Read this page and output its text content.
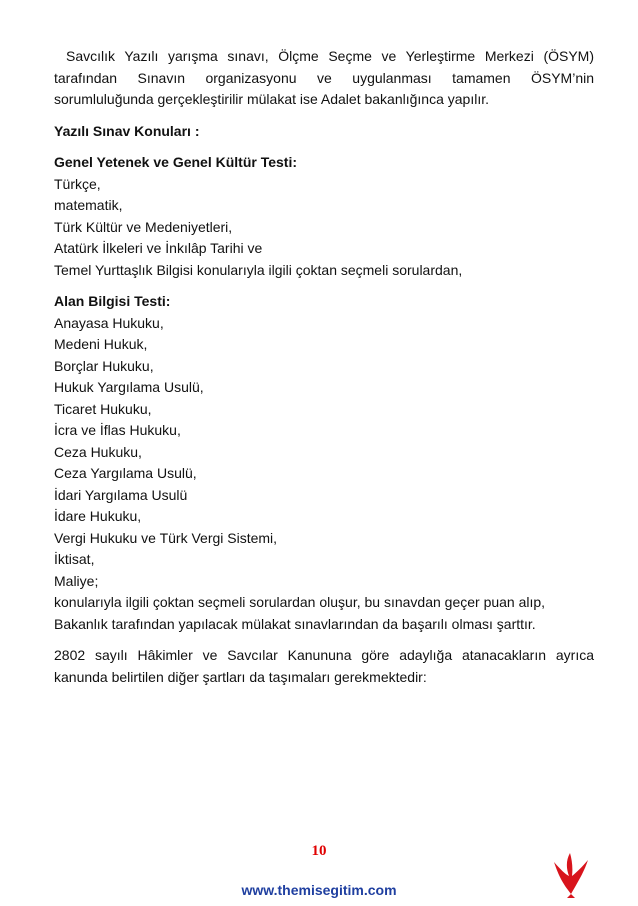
Savcılık Yazılı yarışma sınavı, Ölçme Seçme ve Yerleştirme Merkezi (ÖSYM) tarafından Sınavın organizasyonu ve uygulanması tamamen ÖSYM’nin sorumluluğunda gerçekleştirilir mülakat ise Adalet bakanlığınca yapılır.

Yazılı Sınav Konuları :

Genel Yetenek ve Genel Kültür Testi:

Türkçe,
matematik,
Türk Kültür ve Medeniyetleri,
Atatürk İlkeleri ve İnkılâp Tarihi ve
Temel Yurttaşlık Bilgisi konularıyla ilgili çoktan seçmeli sorulardan,

Alan Bilgisi Testi:

Anayasa Hukuku,
Medeni Hukuk,
Borçlar Hukuku,
Hukuk Yargılama Usulü,
Ticaret Hukuku,
İcra ve İflas Hukuku,
Ceza Hukuku,
Ceza Yargılama Usulü,
İdari Yargılama Usulü
İdare Hukuku,
Vergi Hukuku ve Türk Vergi Sistemi,
İktisat,
Maliye;
konularıyla ilgili çoktan seçmeli sorulardan oluşur, bu sınavdan geçer puan alıp,
Bakanlık tarafından yapılacak mülakat sınavlarından da başarılı olması şarttır.

2802 sayılı Hâkimler ve Savcılar Kanununa göre adaylığa atanacakların ayrıca kanunda belirtilen diğer şartları da taşımaları gerekmektedir:

10
www.themisegitim.com
